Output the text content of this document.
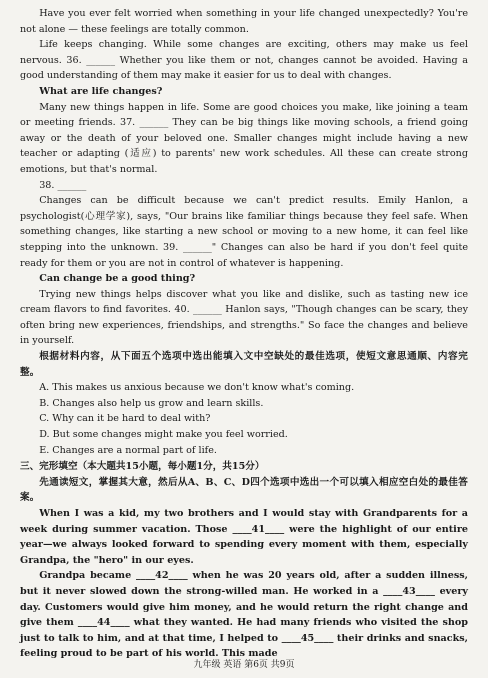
Have you ever felt worried when something in your life changed unexpectedly? You're not alone — these feelings are totally common.

Life keeps changing. While some changes are exciting, others may make us feel nervous. 36. ______ Whether you like them or not, changes cannot be avoided. Having a good understanding of them may make it easier for us to deal with changes.

What are life changes?

Many new things happen in life. Some are good choices you make, like joining a team or meeting friends. 37. ______ They can be big things like moving schools, a friend going away or the death of your beloved one. Smaller changes might include having a new teacher or adapting (适应) to parents' new work schedules. All these can create strong emotions, but that's normal.

38. ______

Changes can be difficult because we can't predict results. Emily Hanlon, a psychologist(心理学家), says, "Our brains like familiar things because they feel safe. When something changes, like starting a new school or moving to a new home, it can feel like stepping into the unknown. 39. ______" Changes can also be hard if you don't feel quite ready for them or you are not in control of whatever is happening.

Can change be a good thing?

Trying new things helps discover what you like and dislike, such as tasting new ice cream flavors to find favorites. 40. ______ Hanlon says, "Though changes can be scary, they often bring new experiences, friendships, and strengths." So face the changes and believe in yourself.

根据材料内容，从下面五个选项中选出能填入文中空缺处的最佳选项，使短文意思通顺、内容完整。

A. This makes us anxious because we don't know what's coming.

B. Changes also help us grow and learn skills.

C. Why can it be hard to deal with?

D. But some changes might make you feel worried.

E. Changes are a normal part of life.

三、完形填空（本大题共15小题，每小题1分，共15分）

先通读短文，掌握其大意，然后从A、B、C、D四个选项中选出一个可以填入相应空白处的最佳答案。

When I was a kid, my two brothers and I would stay with Grandparents for a week during summer vacation. Those ____41____ were the highlight of our entire year—we always looked forward to spending every moment with them, especially Grandpa, the "hero" in our eyes.

Grandpa became ____42____ when he was 20 years old, after a sudden illness, but it never slowed down the strong-willed man. He worked in a ____43____ every day. Customers would give him money, and he would return the right change and give them ____44____ what they wanted. He had many friends who visited the shop just to talk to him, and at that time, I helped to ____45____ their drinks and snacks, feeling proud to be part of his world. This made

九年级 英语 第6页 共9页
